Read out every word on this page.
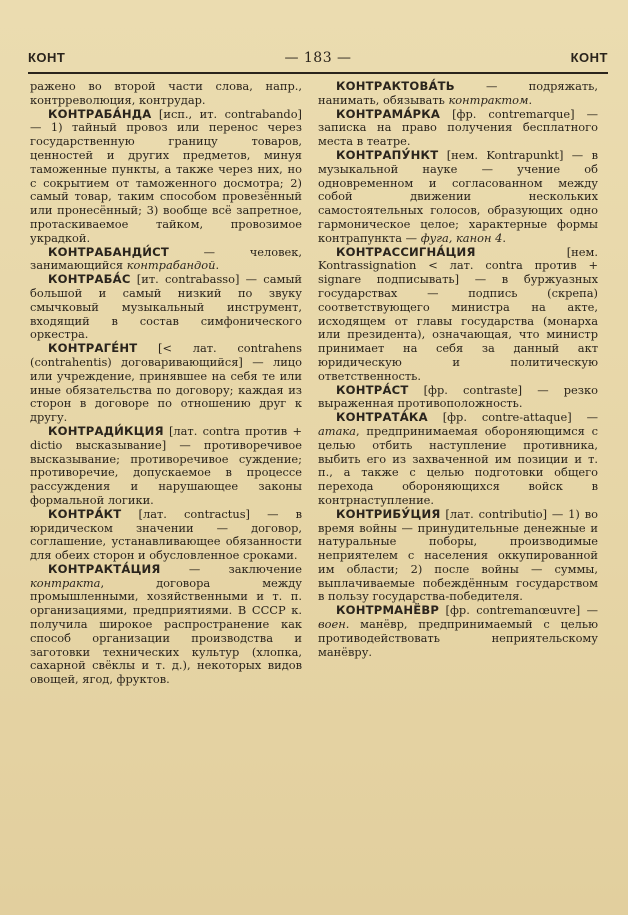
КОНТ	— 183 —	КОНТ

ражено во второй части слова, напр., контрреволюция, контрудар.

КОНТРАБА́НДА [исп., ит. contrabando] — 1) тайный провоз или перенос через государственную границу товаров, ценностей и других предметов, минуя таможенные пункты, а также через них, но с сокрытием от таможенного досмотра; 2) самый товар, таким способом провезённый или пронесённый; 3) вообще всё запретное, протаскиваемое тайком, провозимое украдкой.

КОНТРАБАНДИ́СТ — человек, занимающийся контрабандой.

КОНТРАБА́С [ит. contrabasso] — самый большой и самый низкий по звуку смычковый музыкальный инструмент, входящий в состав симфонического оркестра.

КОНТРАГЕ́НТ [< лат. contrahens (contrahentis) договаривающийся] — лицо или учреждение, принявшее на себя те или иные обязательства по договору; каждая из сторон в договоре по отношению друг к другу.

КОНТРАДИ́КЦИЯ [лат. contra против + dictio высказывание] — противоречивое высказывание; противоречивое суждение; противоречие, допускаемое в процессе рассуждения и нарушающее законы формальной логики.

КОНТРА́КТ [лат. contractus] — в юридическом значении — договор, соглашение, устанавливающее обязанности для обеих сторон и обусловленное сроками.

КОНТРАКТА́ЦИЯ — заключение контракта, договора между промышленными, хозяйственными и т. п. организациями, предприятиями. В СССР к. получила широкое распространение как способ организации производства и заготовки технических культур (хлопка, сахарной свёклы и т. д.), некоторых видов овощей, ягод, фруктов.

КОНТРАКТОВА́ТЬ — подряжать, нанимать, обязывать контрактом.

КОНТРАМА́РКА [фр. contremarque] — записка на право получения бесплатного места в театре.

КОНТРАПУ́НКТ [нем. Kontrapunkt] — в музыкальной науке — учение об одновременном и согласованном между собой движении нескольких самостоятельных голосов, образующих одно гармоническое целое; характерные формы контрапункта — фуга, канон 4.

КОНТРАССИГНА́ЦИЯ [нем. Kontrassignation < лат. contra против + signare подписывать] — в буржуазных государствах — подпись (скрепа) соответствующего министра на акте, исходящем от главы государства (монарха или президента), означающая, что министр принимает на себя за данный акт юридическую и политическую ответственность.

КОНТРА́СТ [фр. contraste] — резко выраженная противоположность.

КОНТРАТА́КА [фр. contre-attaque] — атака, предпринимаемая обороняющимся с целью отбить наступление противника, выбить его из захваченной им позиции и т. п., а также с целью подготовки общего перехода обороняющихся войск в контрнаступление.

КОНТРИБУ́ЦИЯ [лат. contributio] — 1) во время войны — принудительные денежные и натуральные поборы, производимые неприятелем с населения оккупированной им области; 2) после войны — суммы, выплачиваемые побеждённым государством в пользу государства-победителя.

КОНТРМАНЁВР [фр. contremanœuvre] — воен. манёвр, предпринимаемый с целью противодействовать неприятельскому манёвру.
